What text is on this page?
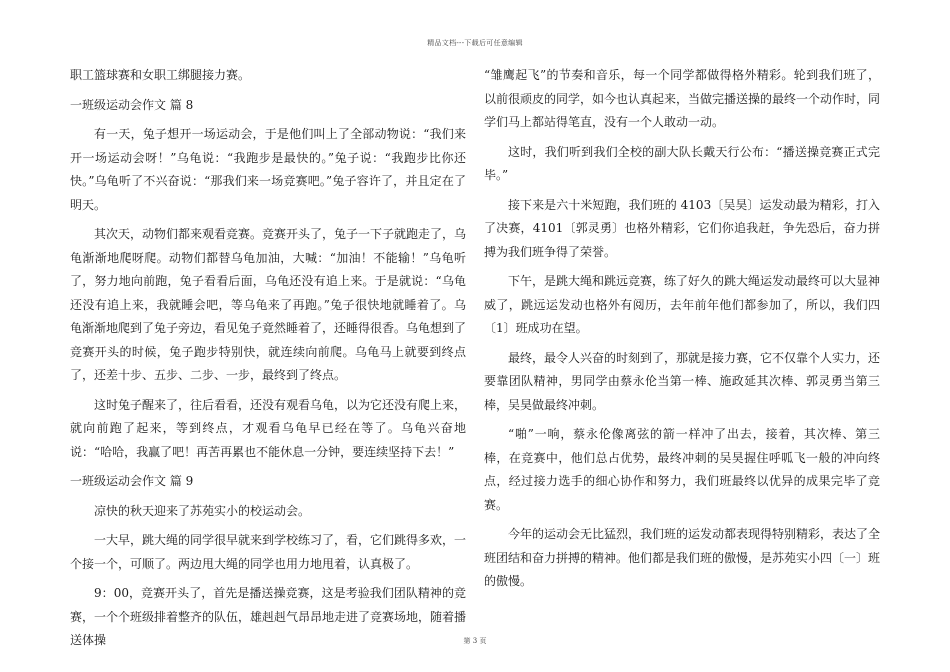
精品文档---下载后可任意编辑

职工篮球赛和女职工绑腿接力赛。

一班级运动会作文 篇 8

有一天，兔子想开一场运动会，于是他们叫上了全部动物说：“我们来开一场运动会呀！”乌龟说：“我跑步是最快的。”兔子说：“我跑步比你还快。”乌龟听了不兴奋说：“那我们来一场竞赛吧。”兔子容许了，并且定在了明天。

其次天，动物们都来观看竞赛。竞赛开头了，兔子一下子就跑走了，乌龟渐渐地爬呀爬。动物们都替乌龟加油，大喊：“加油！不能输！”乌龟听了，努力地向前跑，兔子看看后面，乌龟还没有追上来。于是就说：“乌龟还没有追上来，我就睡会吧，等乌龟来了再跑。”兔子很快地就睡着了。乌龟渐渐地爬到了兔子旁边，看见兔子竟然睡着了，还睡得很香。乌龟想到了竞赛开头的时候，兔子跑步特别快，就连续向前爬。乌龟马上就要到终点了，还差十步、五步、二步、一步，最终到了终点。

这时兔子醒来了，往后看看，还没有观看乌龟，以为它还没有爬上来，就向前跑了起来，等到终点，才观看乌龟早已经在等了。乌龟兴奋地说：“哈哈，我赢了吧！再苦再累也不能休息一分钟，要连续坚持下去！”

一班级运动会作文 篇 9

凉快的秋天迎来了苏苑实小的校运动会。

一大早，跳大绳的同学很早就来到学校练习了，看，它们跳得多欢，一个接一个，可顺了。两边甩大绳的同学也用力地甩着，认真极了。

9：00，竞赛开头了，首先是播送操竞赛，这是考验我们团队精神的竞赛，一个个班级排着整齐的队伍，雄赳赳气昂昂地走进了竞赛场地，随着播送体操

“雏鹰起飞”的节奏和音乐，每一个同学都做得格外精彩。轮到我们班了，以前很顽皮的同学，如今也认真起来，当做完播送操的最终一个动作时，同学们马上都站得笔直，没有一个人敢动一动。

这时，我们听到我们全校的副大队长戴天行公布：“播送操竞赛正式完毕。”

接下来是六十米短跑，我们班的 4103〔吴昊〕运发动最为精彩，打入了决赛，4101〔郭灵勇〕也格外精彩，它们你追我赶，争先恐后，奋力拼搏为我们班争得了荣誉。

下午，是跳大绳和跳远竞赛，练了好久的跳大绳运发动最终可以大显神威了，跳远运发动也格外有阅历，去年前年他们都参加了，所以，我们四〔1〕班成功在望。

最终，最令人兴奋的时刻到了，那就是接力赛，它不仅靠个人实力，还要靠团队精神，男同学由蔡永伦当第一棒、施政延其次棒、郭灵勇当第三棒，吴昊做最终冲刺。

“啪”一响，蔡永伦像离弦的箭一样冲了出去，接着，其次棒、第三棒，在竞赛中，他们总占优势，最终冲刺的吴昊握住呼呱飞一般的冲向终点，经过接力选手的细心协作和努力，我们班最终以优异的成果完毕了竞赛。

今年的运动会无比猛烈，我们班的运发动都表现得特别精彩，表达了全班团结和奋力拼搏的精神。他们都是我们班的傲慢，是苏苑实小四〔一〕班的傲慢。

第 3 页
